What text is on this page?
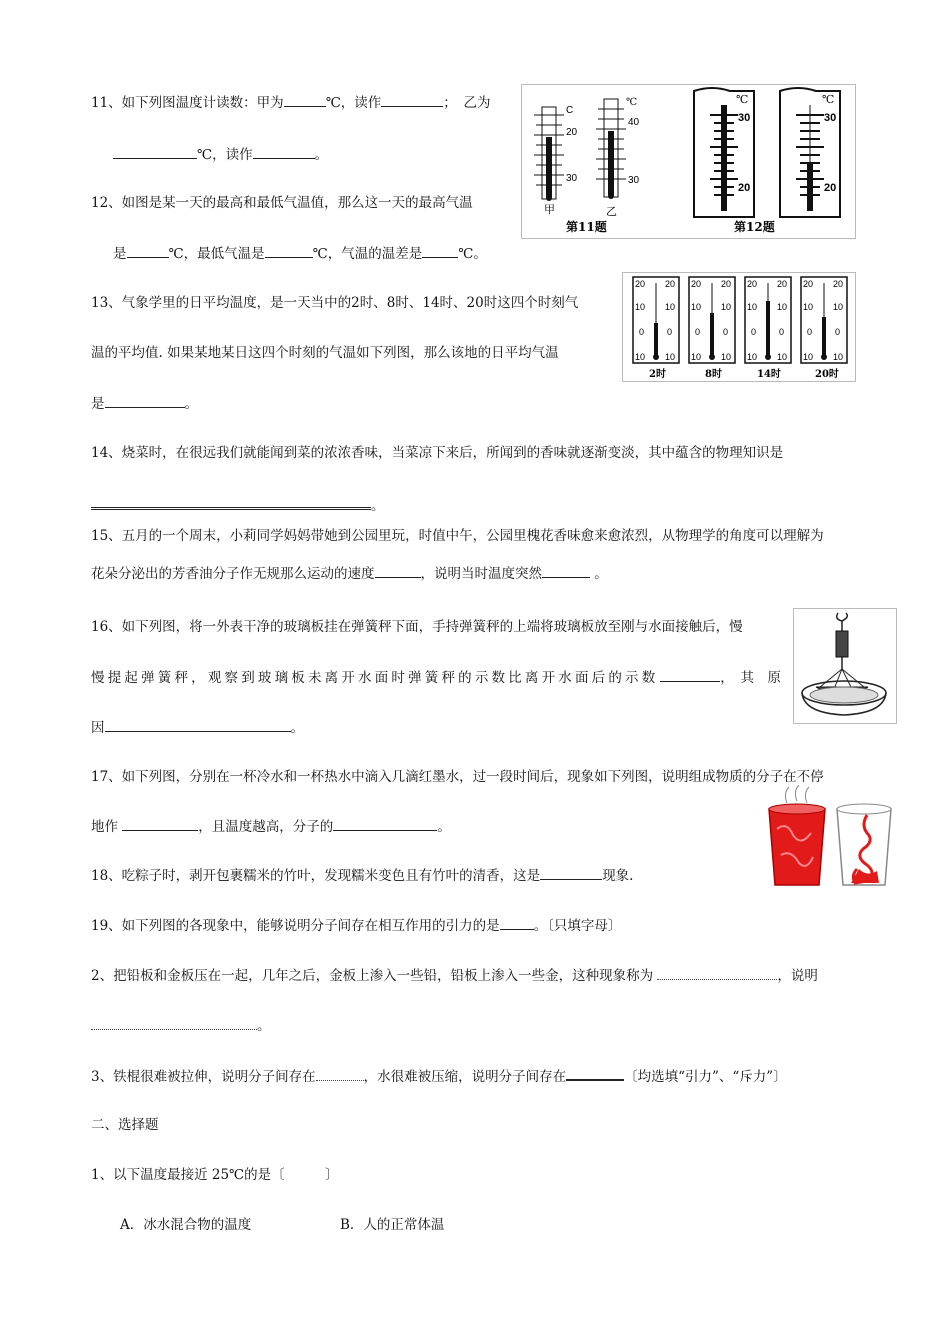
11、如下列图温度计读数：甲为	℃，读作	；　乙为
℃，读作	。
12、如图是某一天的最高和最低气温值，那么这一天的最高气温
是	℃，最低气温是	℃，气温的温差是	℃。
C
20
30
甲
℃
40
30
乙
第11题
℃
30
20
℃
30
20
第12题
13、气象学里的日平均温度，是一天当中的2时、8时、14时、20时这四个时刻气
温的平均值. 如果某地某日这四个时刻的气温如下列图，那么该地的日平均气温
是	。
20 20
10 10
0	0
10 10
20 20
10 10
0	0
10 10
20 20
10 10
0	0
10 10
20 20
10 10
0	0
10 10
2时	8时	14时	20时
14、烧菜时，在很远我们就能闻到菜的浓浓香味，当菜凉下来后，所闻到的香味就逐渐变淡，其中蕴含的物理知识是
。
15、五月的一个周末，小莉同学妈妈带她到公园里玩，时值中午，公园里槐花香味愈来愈浓烈，从物理学的角度可以理解为
花朵分泌出的芳香油分子作无规那么运动的速度	，说明当时温度突然	。
16、如下列图，将一外表干净的玻璃板挂在弹簧秤下面，手持弹簧秤的上端将玻璃板放至刚与水面接触后，慢
慢 提 起 弹 簧 秤 ， 观 察 到 玻 璃 板 未 离 开 水 面 时 弹 簧 秤 的 示 数 比 离 开 水 面 后 的 示 数	，　其　原
因	。
17、如下列图，分别在一杯冷水和一杯热水中滴入几滴红墨水，过一段时间后，现象如下列图，说明组成物质的分子在不停
地作	，且温度越高，分子的	。
18、吃粽子时，剥开包裹糯米的竹叶，发现糯米变色且有竹叶的清香，这是	现象.
19、如下列图的各现象中，能够说明分子间存在相互作用的引力的是	。〔只填字母〕
2、把铅板和金板压在一起，几年之后，金板上渗入一些铅，铅板上渗入一些金，这种现象称为	，说明
。
3、铁棍很难被拉伸，说明分子间存在	，水很难被压缩，说明分子间存在	〔均选填“引力”、“斥力”〕
二、选择题
1、以下温度最接近 25℃的是〔　　　〕
A．冰水混合物的温度	B．人的正常体温
